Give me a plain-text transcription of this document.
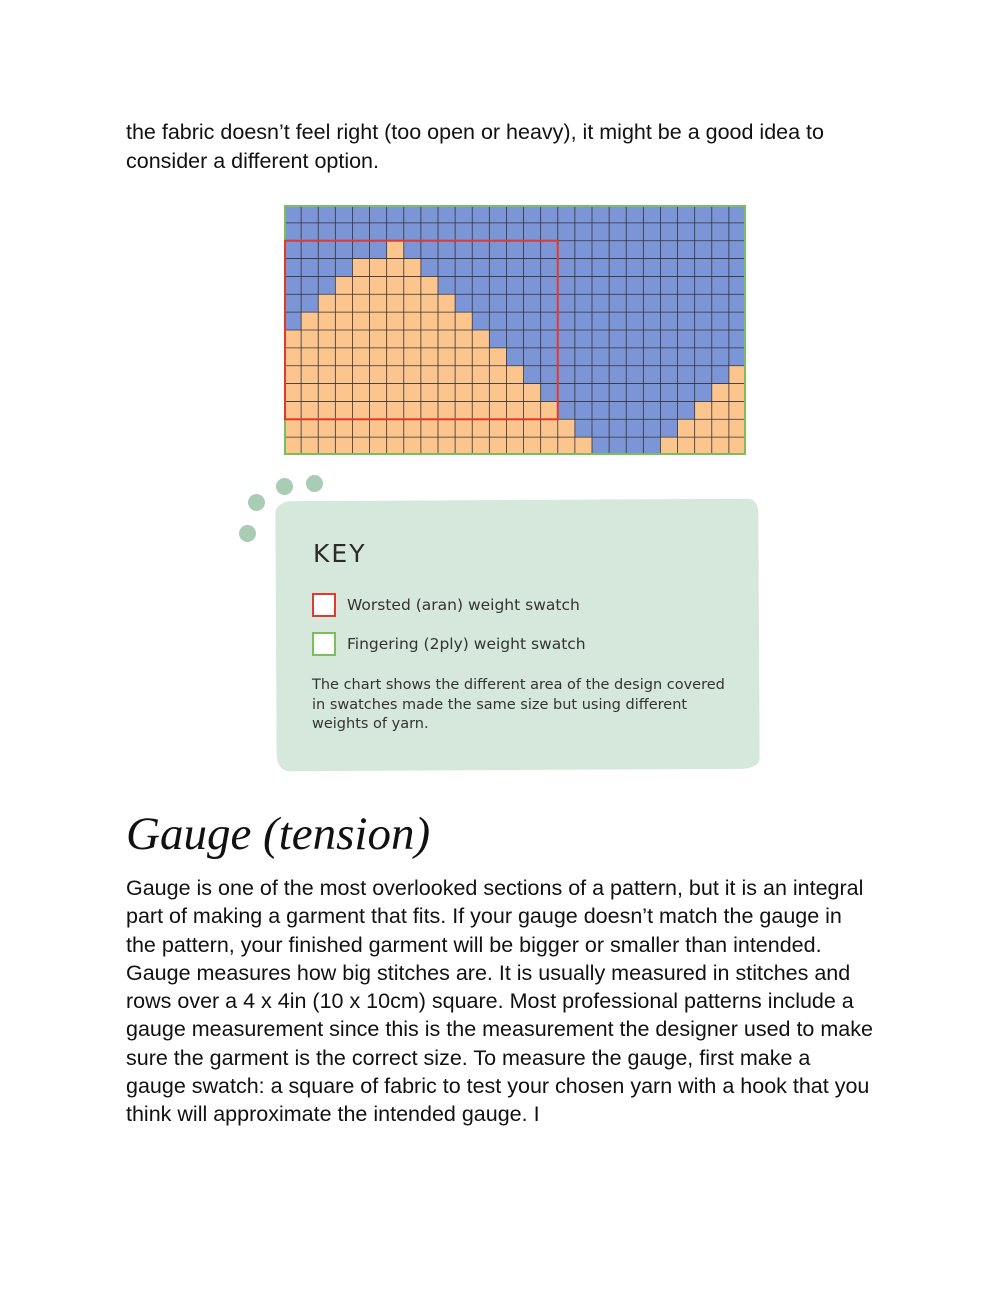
the fabric doesn’t feel right (too open or heavy), it might be a good idea to consider a different option.

KEY
Worsted (aran) weight swatch
Fingering (2ply) weight swatch

The chart shows the different area of the design covered in swatches made the same size but using different weights of yarn.

Gauge (tension)

Gauge is one of the most overlooked sections of a pattern, but it is an integral part of making a garment that fits. If your gauge doesn’t match the gauge in the pattern, your finished garment will be bigger or smaller than intended. Gauge measures how big stitches are. It is usually measured in stitches and rows over a 4 x 4in (10 x 10cm) square. Most professional patterns include a gauge measurement since this is the measurement the designer used to make sure the garment is the correct size. To measure the gauge, first make a gauge swatch: a square of fabric to test your chosen yarn with a hook that you think will approximate the intended gauge. I
